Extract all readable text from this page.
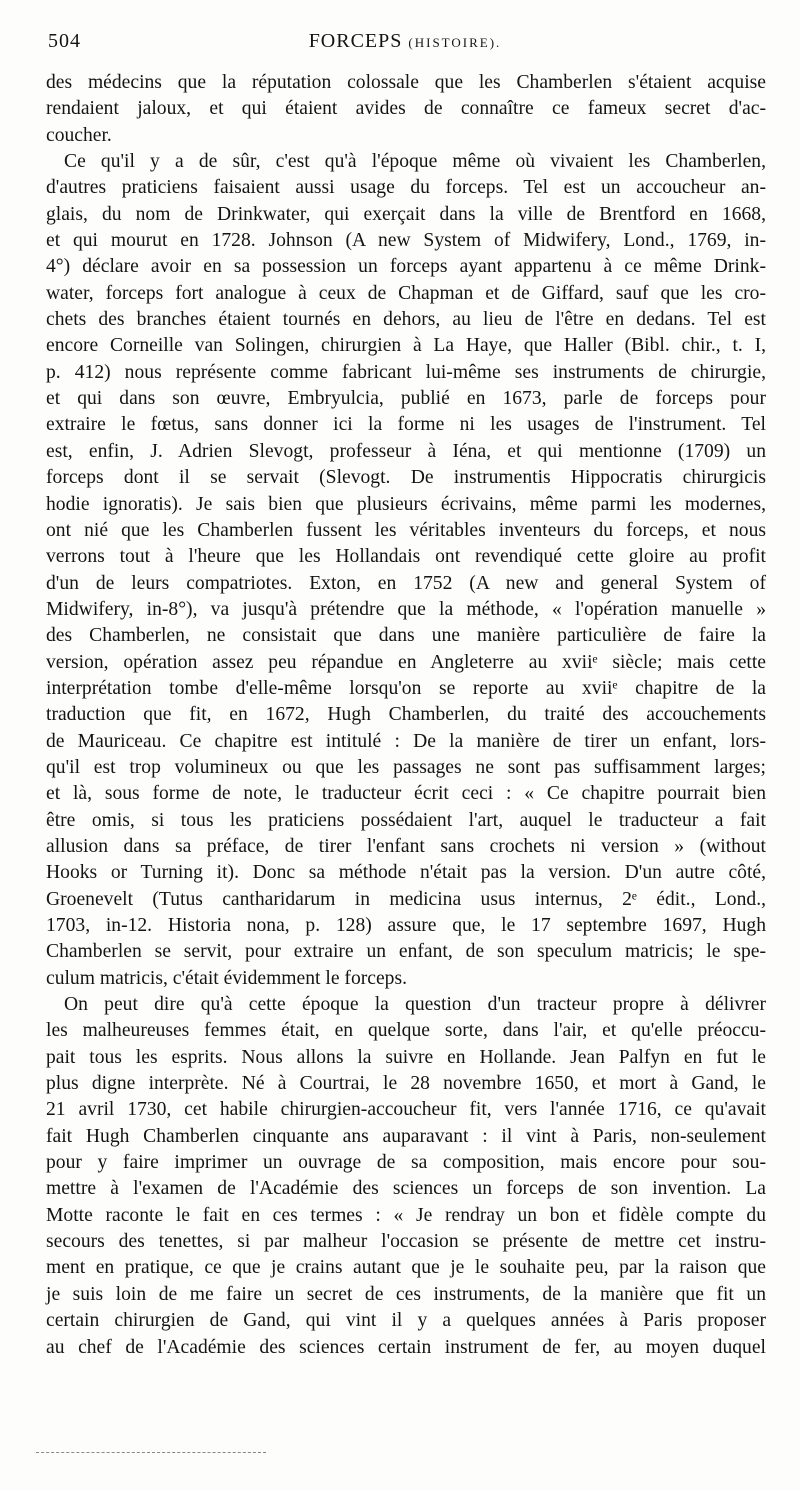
504	FORCEPS (HISTOIRE).
des médecins que la réputation colossale que les Chamberlen s'étaient acquise
rendaient jaloux, et qui étaient avides de connaître ce fameux secret d'ac-
coucher.
Ce qu'il y a de sûr, c'est qu'à l'époque même où vivaient les Chamberlen,
d'autres praticiens faisaient aussi usage du forceps. Tel est un accoucheur an-
glais, du nom de Drinkwater, qui exerçait dans la ville de Brentford en 1668,
et qui mourut en 1728. Johnson (A new System of Midwifery, Lond., 1769, in-
4°) déclare avoir en sa possession un forceps ayant appartenu à ce même Drink-
water, forceps fort analogue à ceux de Chapman et de Giffard, sauf que les cro-
chets des branches étaient tournés en dehors, au lieu de l'être en dedans. Tel est
encore Corneille van Solingen, chirurgien à La Haye, que Haller (Bibl. chir., t. I,
p. 412) nous représente comme fabricant lui-même ses instruments de chirurgie,
et qui dans son œuvre, Embryulcia, publié en 1673, parle de forceps pour
extraire le fœtus, sans donner ici la forme ni les usages de l'instrument. Tel
est, enfin, J. Adrien Slevogt, professeur à Iéna, et qui mentionne (1709) un
forceps dont il se servait (Slevogt. De instrumentis Hippocratis chirurgicis
hodie ignoratis). Je sais bien que plusieurs écrivains, même parmi les modernes,
ont nié que les Chamberlen fussent les véritables inventeurs du forceps, et nous
verrons tout à l'heure que les Hollandais ont revendiqué cette gloire au profit
d'un de leurs compatriotes. Exton, en 1752 (A new and general System of
Midwifery, in-8°), va jusqu'à prétendre que la méthode, « l'opération manuelle »
des Chamberlen, ne consistait que dans une manière particulière de faire la
version, opération assez peu répandue en Angleterre au xviiᵉ siècle; mais cette
interprétation tombe d'elle-même lorsqu'on se reporte au xviiᵉ chapitre de la
traduction que fit, en 1672, Hugh Chamberlen, du traité des accouchements
de Mauriceau. Ce chapitre est intitulé : De la manière de tirer un enfant, lors-
qu'il est trop volumineux ou que les passages ne sont pas suffisamment larges;
et là, sous forme de note, le traducteur écrit ceci : « Ce chapitre pourrait bien
être omis, si tous les praticiens possédaient l'art, auquel le traducteur a fait
allusion dans sa préface, de tirer l'enfant sans crochets ni version » (without
Hooks or Turning it). Donc sa méthode n'était pas la version. D'un autre côté,
Groenevelt (Tutus cantharidarum in medicina usus internus, 2ᵉ édit., Lond.,
1703, in-12. Historia nona, p. 128) assure que, le 17 septembre 1697, Hugh
Chamberlen se servit, pour extraire un enfant, de son speculum matricis; le spe-
culum matricis, c'était évidemment le forceps.
On peut dire qu'à cette époque la question d'un tracteur propre à délivrer
les malheureuses femmes était, en quelque sorte, dans l'air, et qu'elle préoccu-
pait tous les esprits. Nous allons la suivre en Hollande. Jean Palfyn en fut le
plus digne interprète. Né à Courtrai, le 28 novembre 1650, et mort à Gand, le
21 avril 1730, cet habile chirurgien-accoucheur fit, vers l'année 1716, ce qu'avait
fait Hugh Chamberlen cinquante ans auparavant : il vint à Paris, non-seulement
pour y faire imprimer un ouvrage de sa composition, mais encore pour sou-
mettre à l'examen de l'Académie des sciences un forceps de son invention. La
Motte raconte le fait en ces termes : « Je rendray un bon et fidèle compte du
secours des tenettes, si par malheur l'occasion se présente de mettre cet instru-
ment en pratique, ce que je crains autant que je le souhaite peu, par la raison que
je suis loin de me faire un secret de ces instruments, de la manière que fit un
certain chirurgien de Gand, qui vint il y a quelques années à Paris proposer
au chef de l'Académie des sciences certain instrument de fer, au moyen duquel
